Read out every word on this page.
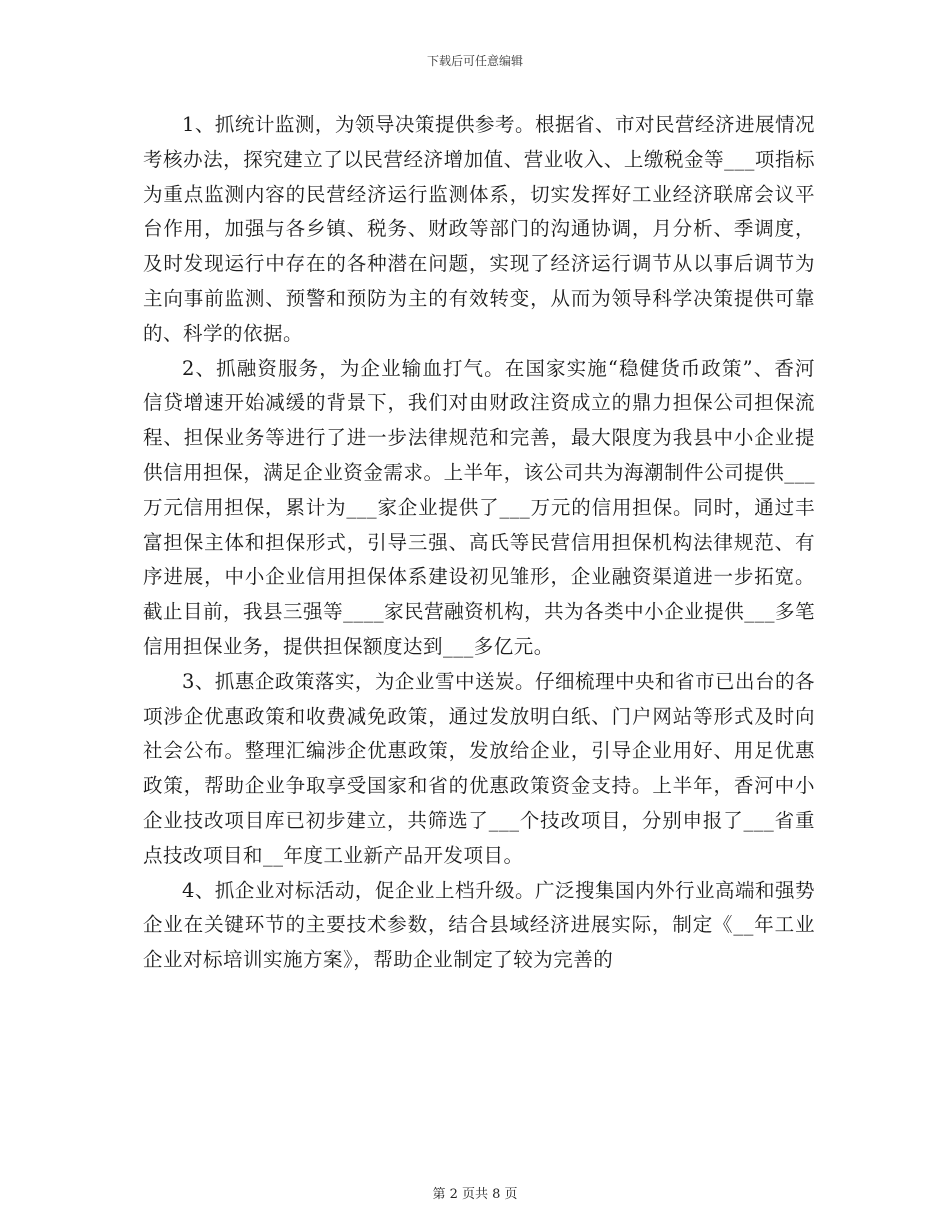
下载后可任意编辑

1、抓统计监测，为领导决策提供参考。根据省、市对民营经济进展情况考核办法，探究建立了以民营经济增加值、营业收入、上缴税金等___项指标为重点监测内容的民营经济运行监测体系，切实发挥好工业经济联席会议平台作用，加强与各乡镇、税务、财政等部门的沟通协调，月分析、季调度，及时发现运行中存在的各种潜在问题，实现了经济运行调节从以事后调节为主向事前监测、预警和预防为主的有效转变，从而为领导科学决策提供可靠的、科学的依据。

2、抓融资服务，为企业输血打气。在国家实施“稳健货币政策”、香河信贷增速开始减缓的背景下，我们对由财政注资成立的鼎力担保公司担保流程、担保业务等进行了进一步法律规范和完善，最大限度为我县中小企业提供信用担保，满足企业资金需求。上半年，该公司共为海潮制件公司提供___万元信用担保，累计为___家企业提供了___万元的信用担保。同时，通过丰富担保主体和担保形式，引导三强、高氏等民营信用担保机构法律规范、有序进展，中小企业信用担保体系建设初见雏形，企业融资渠道进一步拓宽。截止目前，我县三强等____家民营融资机构，共为各类中小企业提供___多笔信用担保业务，提供担保额度达到___多亿元。

3、抓惠企政策落实，为企业雪中送炭。仔细梳理中央和省市已出台的各项涉企优惠政策和收费减免政策，通过发放明白纸、门户网站等形式及时向社会公布。整理汇编涉企优惠政策，发放给企业，引导企业用好、用足优惠政策，帮助企业争取享受国家和省的优惠政策资金支持。上半年，香河中小企业技改项目库已初步建立，共筛选了___个技改项目，分别申报了___省重点技改项目和__年度工业新产品开发项目。

4、抓企业对标活动，促企业上档升级。广泛搜集国内外行业高端和强势企业在关键环节的主要技术参数，结合县域经济进展实际，制定《__年工业企业对标培训实施方案》，帮助企业制定了较为完善的

第 2 页共 8 页
